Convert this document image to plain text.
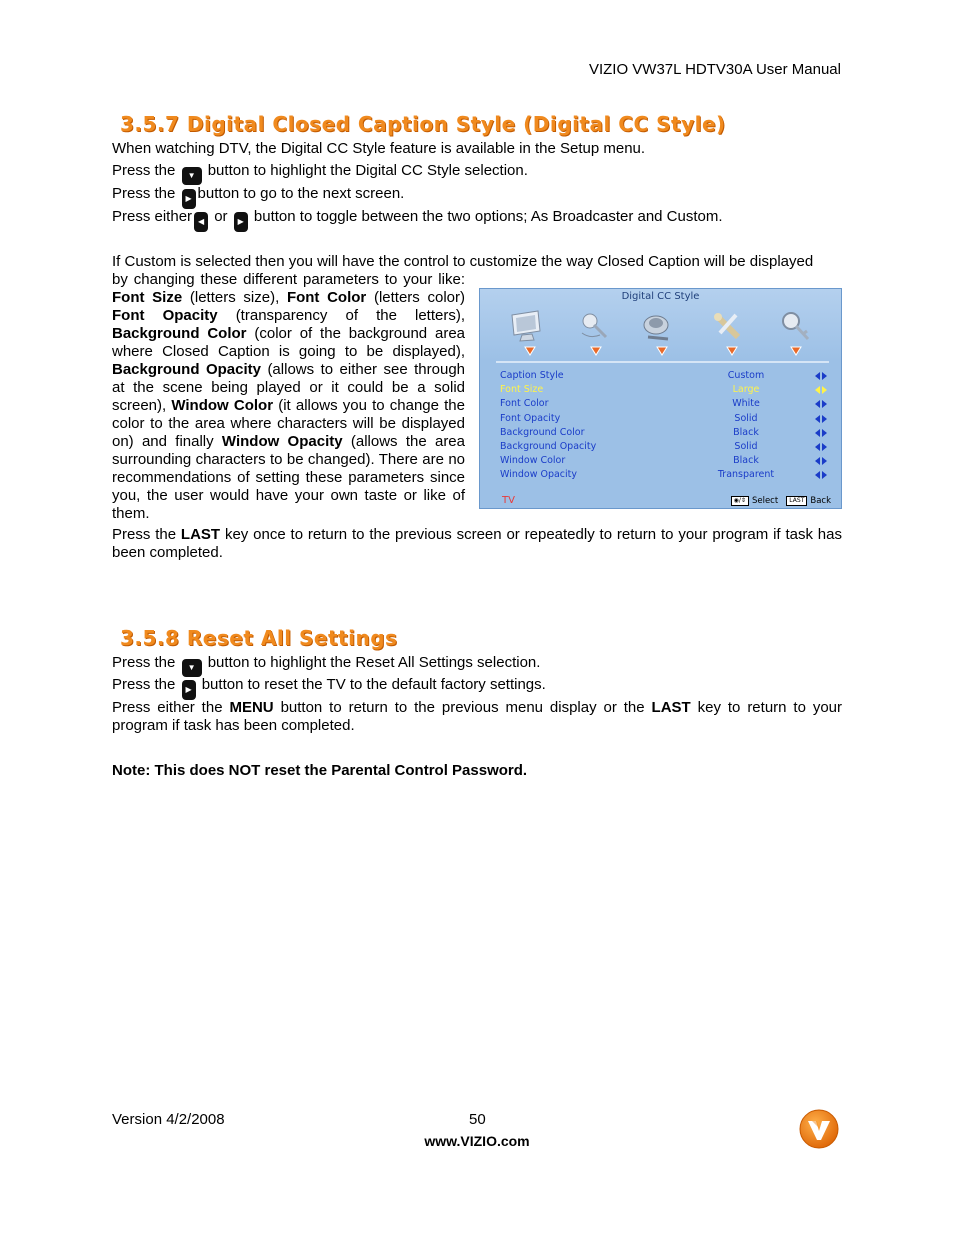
VIZIO VW37L HDTV30A User Manual
3.5.7 Digital Closed Caption Style (Digital CC Style)
When watching DTV, the Digital CC Style feature is available in the Setup menu.
Press the ▼ button to highlight the Digital CC Style selection.
Press the ▶ button to go to the next screen.
Press either ◀ or ▶ button to toggle between the two options; As Broadcaster and Custom.
If Custom is selected then you will have the control to customize the way Closed Caption will be displayed
by changing these different parameters to your like: Font Size (letters size), Font Color (letters color) Font Opacity (transparency of the letters), Background Color (color of the background area where Closed Caption is going to be displayed), Background Opacity (allows to either see through at the scene being played or it could be a solid screen), Window Color (it allows you to change the color to the area where characters will be displayed on) and finally Window Opacity (allows the area surrounding characters to be changed). There are no recommendations of setting these parameters since you, the user would have your own taste or like of them.
Digital CC Style
Caption Style	Custom
Font Size	Large
Font Color	White
Font Opacity	Solid
Background Color	Black
Background Opacity	Solid
Window Color	Black
Window Opacity	Transparent
TV	◉/⇕ Select LAST Back
Press the LAST key once to return to the previous screen or repeatedly to return to your program if task has been completed.
3.5.8 Reset All Settings
Press the ▼ button to highlight the Reset All Settings selection.
Press the ▶ button to reset the TV to the default factory settings.
Press either the MENU button to return to the previous menu display or the LAST key to return to your program if task has been completed.
Note: This does NOT reset the Parental Control Password.
Version 4/2/2008	50
www.VIZIO.com
